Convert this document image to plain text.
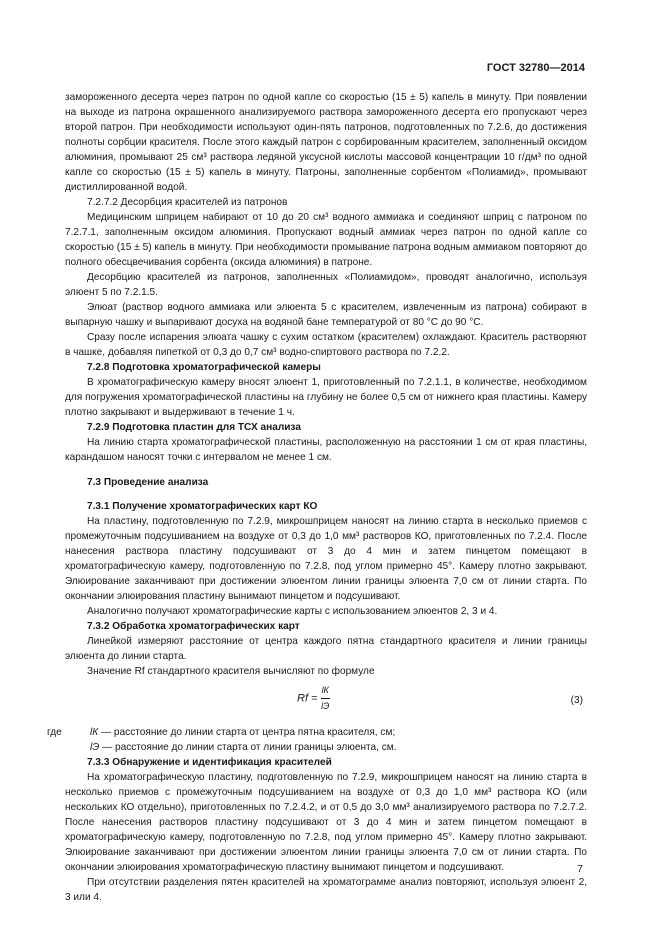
ГОСТ 32780—2014

замороженного десерта через патрон по одной капле со скоростью (15 ± 5) капель в минуту. При появлении на выходе из патрона окрашенного анализируемого раствора замороженного десерта его пропускают через второй патрон. При необходимости используют один-пять патронов, подготовленных по 7.2.6, до достижения полноты сорбции красителя. После этого каждый патрон с сорбированным красителем, заполненный оксидом алюминия, промывают 25 см³ раствора ледяной уксусной кислоты массовой концентрации 10 г/дм³ по одной капле со скоростью (15 ± 5) капель в минуту. Патроны, заполненные сорбентом «Полиамид», промывают дистиллированной водой.

7.2.7.2 Десорбция красителей из патронов

Медицинским шприцем набирают от 10 до 20 см³ водного аммиака и соединяют шприц с патроном по 7.2.7.1, заполненным оксидом алюминия. Пропускают водный аммиак через патрон по одной капле со скоростью (15 ± 5) капель в минуту. При необходимости промывание патрона водным аммиаком повторяют до полного обесцвечивания сорбента (оксида алюминия) в патроне.

Десорбцию красителей из патронов, заполненных «Полиамидом», проводят аналогично, используя элюент 5 по 7.2.1.5.

Элюат (раствор водного аммиака или элюента 5 с красителем, извлеченным из патрона) собирают в выпарную чашку и выпаривают досуха на водяной бане температурой от 80 °С до 90 °С.

Сразу после испарения элюата чашку с сухим остатком (красителем) охлаждают. Краситель растворяют в чашке, добавляя пипеткой от 0,3 до 0,7 см³ водно-спиртового раствора по 7.2.2.

7.2.8 Подготовка хроматографической камеры

В хроматографическую камеру вносят элюент 1, приготовленный по 7.2.1.1, в количестве, необходимом для погружения хроматографической пластины на глубину не более 0,5 см от нижнего края пластины. Камеру плотно закрывают и выдерживают в течение 1 ч.

7.2.9 Подготовка пластин для ТСХ анализа

На линию старта хроматографической пластины, расположенную на расстоянии 1 см от края пластины, карандашом наносят точки с интервалом не менее 1 см.

7.3 Проведение анализа

7.3.1 Получение хроматографических карт КО

На пластину, подготовленную по 7.2.9, микрошприцем наносят на линию старта в несколько приемов с промежуточным подсушиванием на воздухе от 0,3 до 1,0 мм³ растворов КО, приготовленных по 7.2.4. После нанесения раствора пластину подсушивают от 3 до 4 мин и затем пинцетом помещают в хроматографическую камеру, подготовленную по 7.2.8, под углом примерно 45°. Камеру плотно закрывают. Элюирование заканчивают при достижении элюентом линии границы элюента 7,0 см от линии старта. По окончании элюирования пластину вынимают пинцетом и подсушивают.

Аналогично получают хроматографические карты с использованием элюентов 2, 3 и 4.

7.3.2 Обработка хроматографических карт

Линейкой измеряют расстояние от центра каждого пятна стандартного красителя и линии границы элюента до линии старта.

Значение Rf стандартного красителя вычисляют по формуле

$Rf = \frac{lК}{lЭ}$	(3)
где	lК — расстояние до линии старта от центра пятна красителя, см;
lЭ — расстояние до линии старта от линии границы элюента, см.

7.3.3 Обнаружение и идентификация красителей

На хроматографическую пластину, подготовленную по 7.2.9, микрошприцем наносят на линию старта в несколько приемов с промежуточным подсушиванием на воздухе от 0,3 до 1,0 мм³ раствора КО (или нескольких КО отдельно), приготовленных по 7.2.4.2, и от 0,5 до 3,0 мм³ анализируемого раствора по 7.2.7.2. После нанесения растворов пластину подсушивают от 3 до 4 мин и затем пинцетом помещают в хроматографическую камеру, подготовленную по 7.2.8, под углом примерно 45°. Камеру плотно закрывают. Элюирование заканчивают при достижении элюентом линии границы элюента 7,0 см от линии старта. По окончании элюирования хроматографическую пластину вынимают пинцетом и подсушивают.

При отсутствии разделения пятен красителей на хроматограмме анализ повторяют, используя элюент 2, 3 или 4.

7
